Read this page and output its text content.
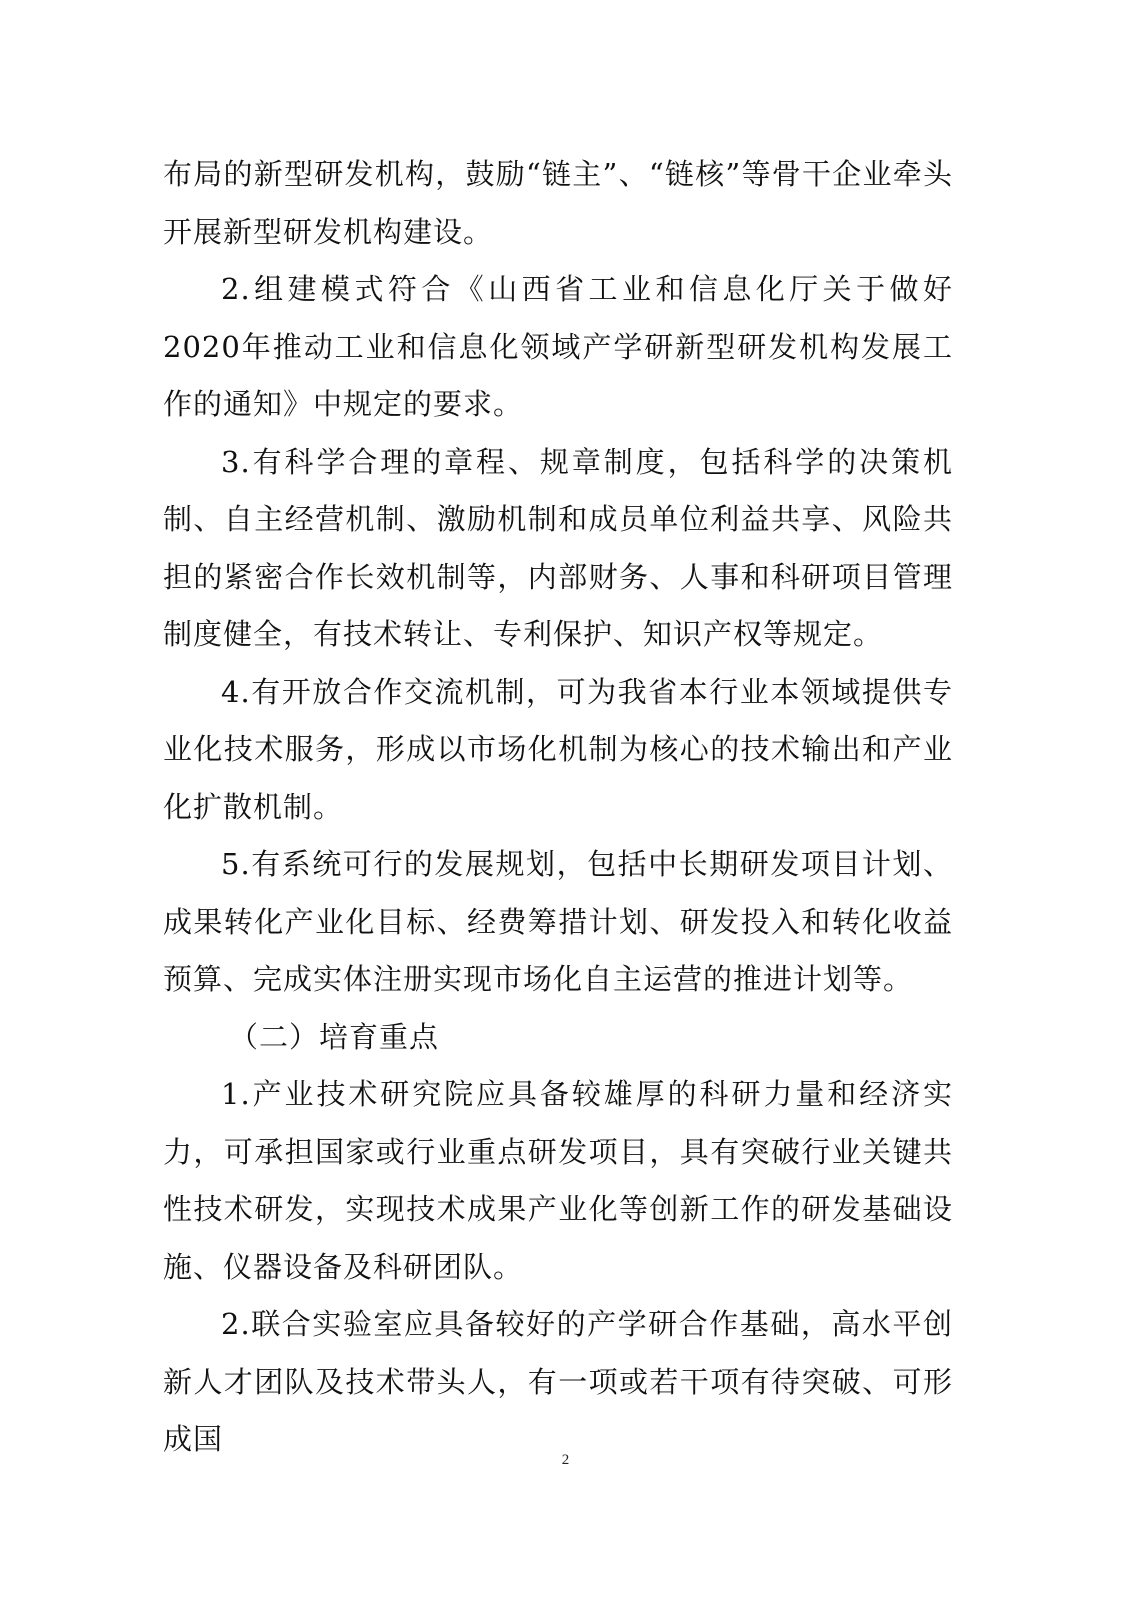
布局的新型研发机构，鼓励“链主”、“链核”等骨干企业牵头开展新型研发机构建设。

2.组建模式符合《山西省工业和信息化厅关于做好2020年推动工业和信息化领域产学研新型研发机构发展工作的通知》中规定的要求。

3.有科学合理的章程、规章制度，包括科学的决策机制、自主经营机制、激励机制和成员单位利益共享、风险共担的紧密合作长效机制等，内部财务、人事和科研项目管理制度健全，有技术转让、专利保护、知识产权等规定。

4.有开放合作交流机制，可为我省本行业本领域提供专业化技术服务，形成以市场化机制为核心的技术输出和产业化扩散机制。

5.有系统可行的发展规划，包括中长期研发项目计划、成果转化产业化目标、经费筹措计划、研发投入和转化收益预算、完成实体注册实现市场化自主运营的推进计划等。

（二）培育重点

1.产业技术研究院应具备较雄厚的科研力量和经济实力，可承担国家或行业重点研发项目，具有突破行业关键共性技术研发，实现技术成果产业化等创新工作的研发基础设施、仪器设备及科研团队。

2.联合实验室应具备较好的产学研合作基础，高水平创新人才团队及技术带头人，有一项或若干项有待突破、可形成国

2
